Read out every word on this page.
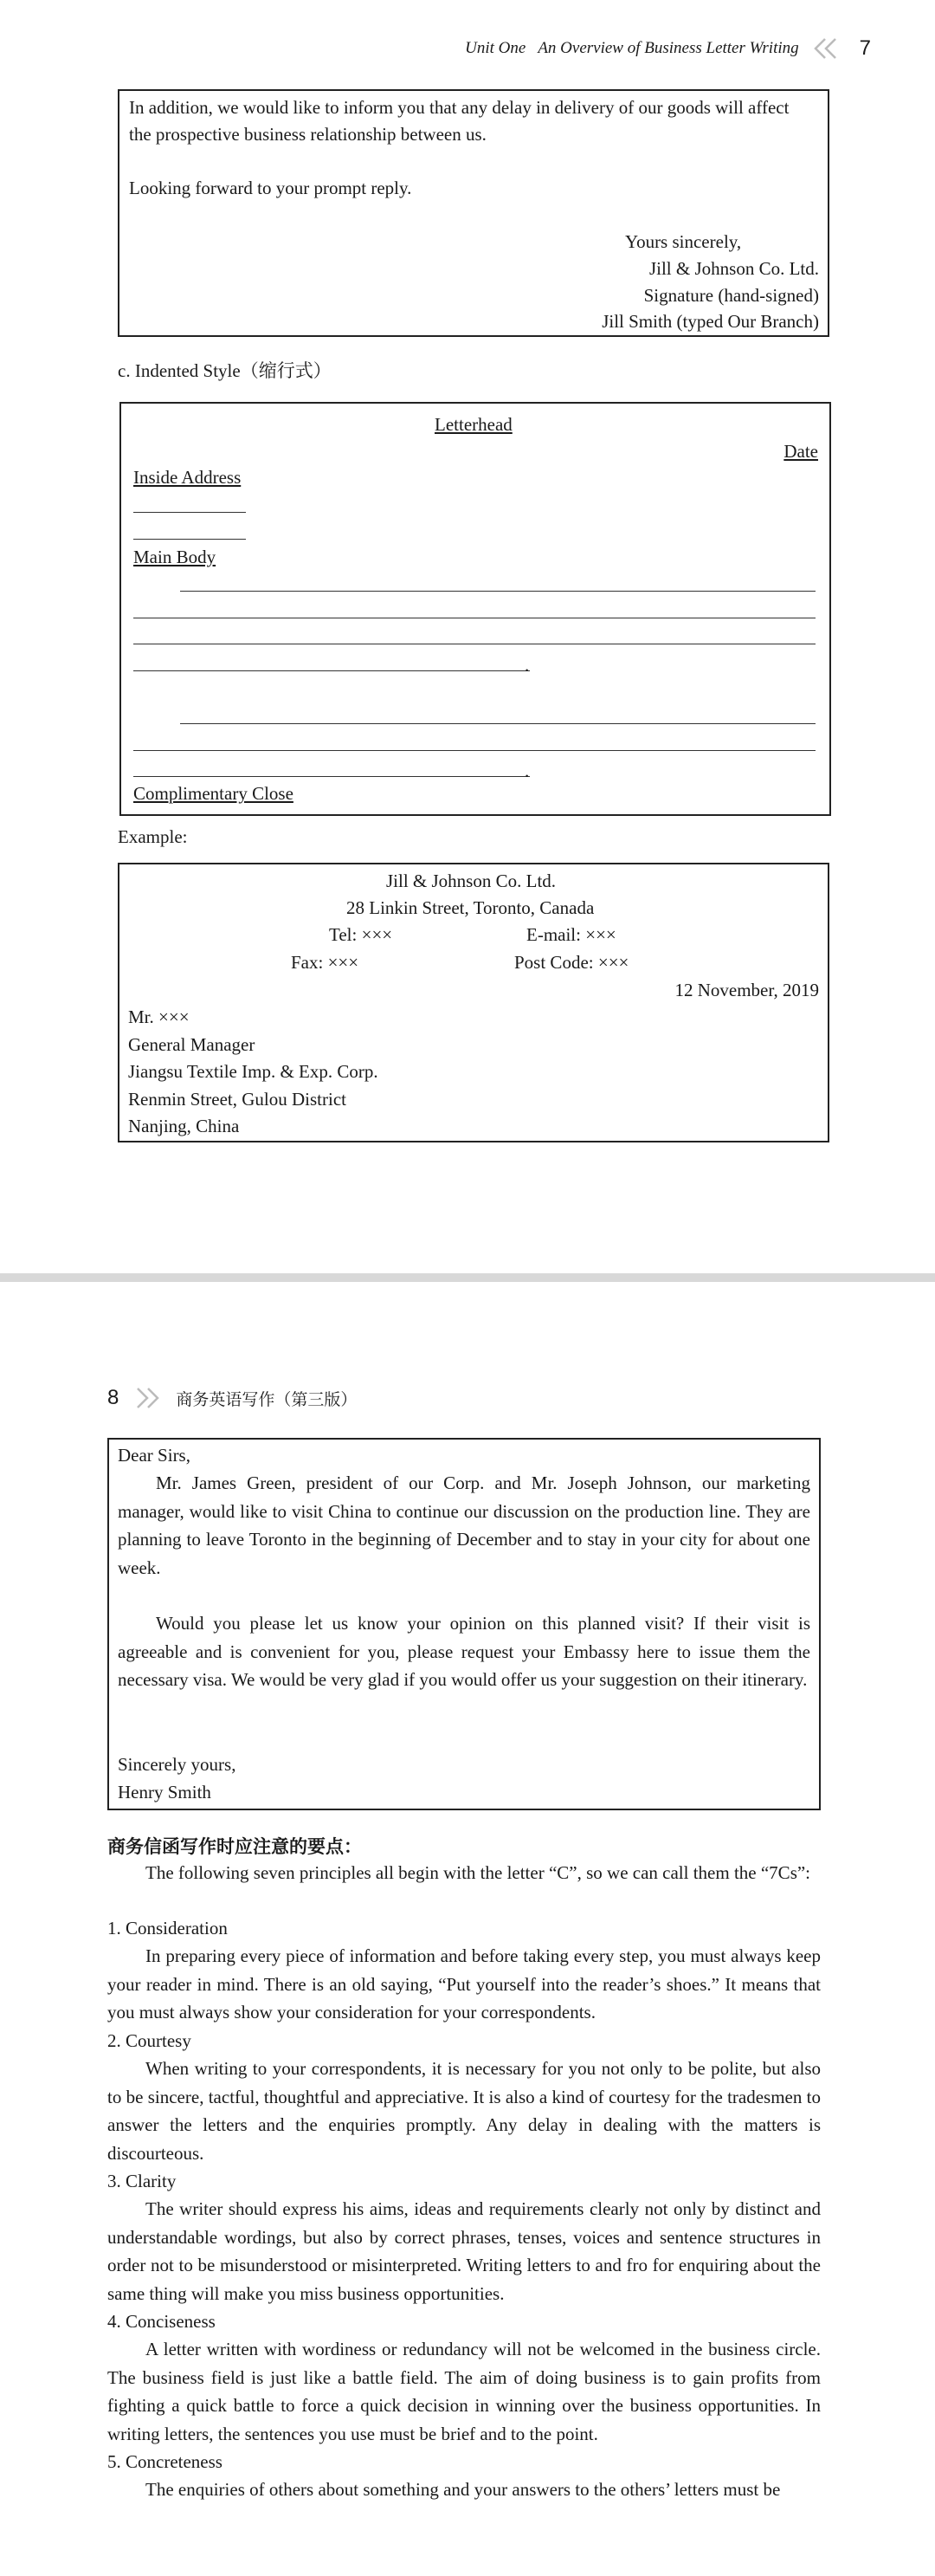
Unit One An Overview of Business Letter Writing	7
In addition, we would like to inform you that any delay in delivery of our goods will affect
the prospective business relationship between us.
Looking forward to your prompt reply.
Yours sincerely,
Jill & Johnson Co. Ltd.
Signature (hand-signed)
Jill Smith (typed Our Branch)
c. Indented Style（缩行式）
Letterhead
Date
Inside Address
Main Body
.
.
Complimentary Close
Example:
Jill & Johnson Co. Ltd.
28 Linkin Street, Toronto, Canada
Tel: ×××	E-mail: ×××
Fax: ×××	Post Code: ×××
12 November, 2019
Mr. ×××
General Manager
Jiangsu Textile Imp. & Exp. Corp.
Renmin Street, Gulou District
Nanjing, China
8	商务英语写作（第三版）
Dear Sirs,
Mr. James Green, president of our Corp. and Mr. Joseph Johnson, our marketing manager, would like to visit China to continue our discussion on the production line. They are planning to leave Toronto in the beginning of December and to stay in your city for about one week.
Would you please let us know your opinion on this planned visit? If their visit is agreeable and is convenient for you, please request your Embassy here to issue them the necessary visa. We would be very glad if you would offer us your suggestion on their itinerary.
Sincerely yours,
Henry Smith
商务信函写作时应注意的要点：
The following seven principles all begin with the letter “C”, so we can call them the “7Cs”:
1. Consideration
In preparing every piece of information and before taking every step, you must always keep your reader in mind. There is an old saying, “Put yourself into the reader’s shoes.” It means that you must always show your consideration for your correspondents.
2. Courtesy
When writing to your correspondents, it is necessary for you not only to be polite, but also to be sincere, tactful, thoughtful and appreciative. It is also a kind of courtesy for the tradesmen to answer the letters and the enquiries promptly. Any delay in dealing with the matters is discourteous.
3. Clarity
The writer should express his aims, ideas and requirements clearly not only by distinct and understandable wordings, but also by correct phrases, tenses, voices and sentence structures in order not to be misunderstood or misinterpreted. Writing letters to and fro for enquiring about the same thing will make you miss business opportunities.
4. Conciseness
A letter written with wordiness or redundancy will not be welcomed in the business circle. The business field is just like a battle field. The aim of doing business is to gain profits from fighting a quick battle to force a quick decision in winning over the business opportunities. In writing letters, the sentences you use must be brief and to the point.
5. Concreteness
The enquiries of others about something and your answers to the others’ letters must be
